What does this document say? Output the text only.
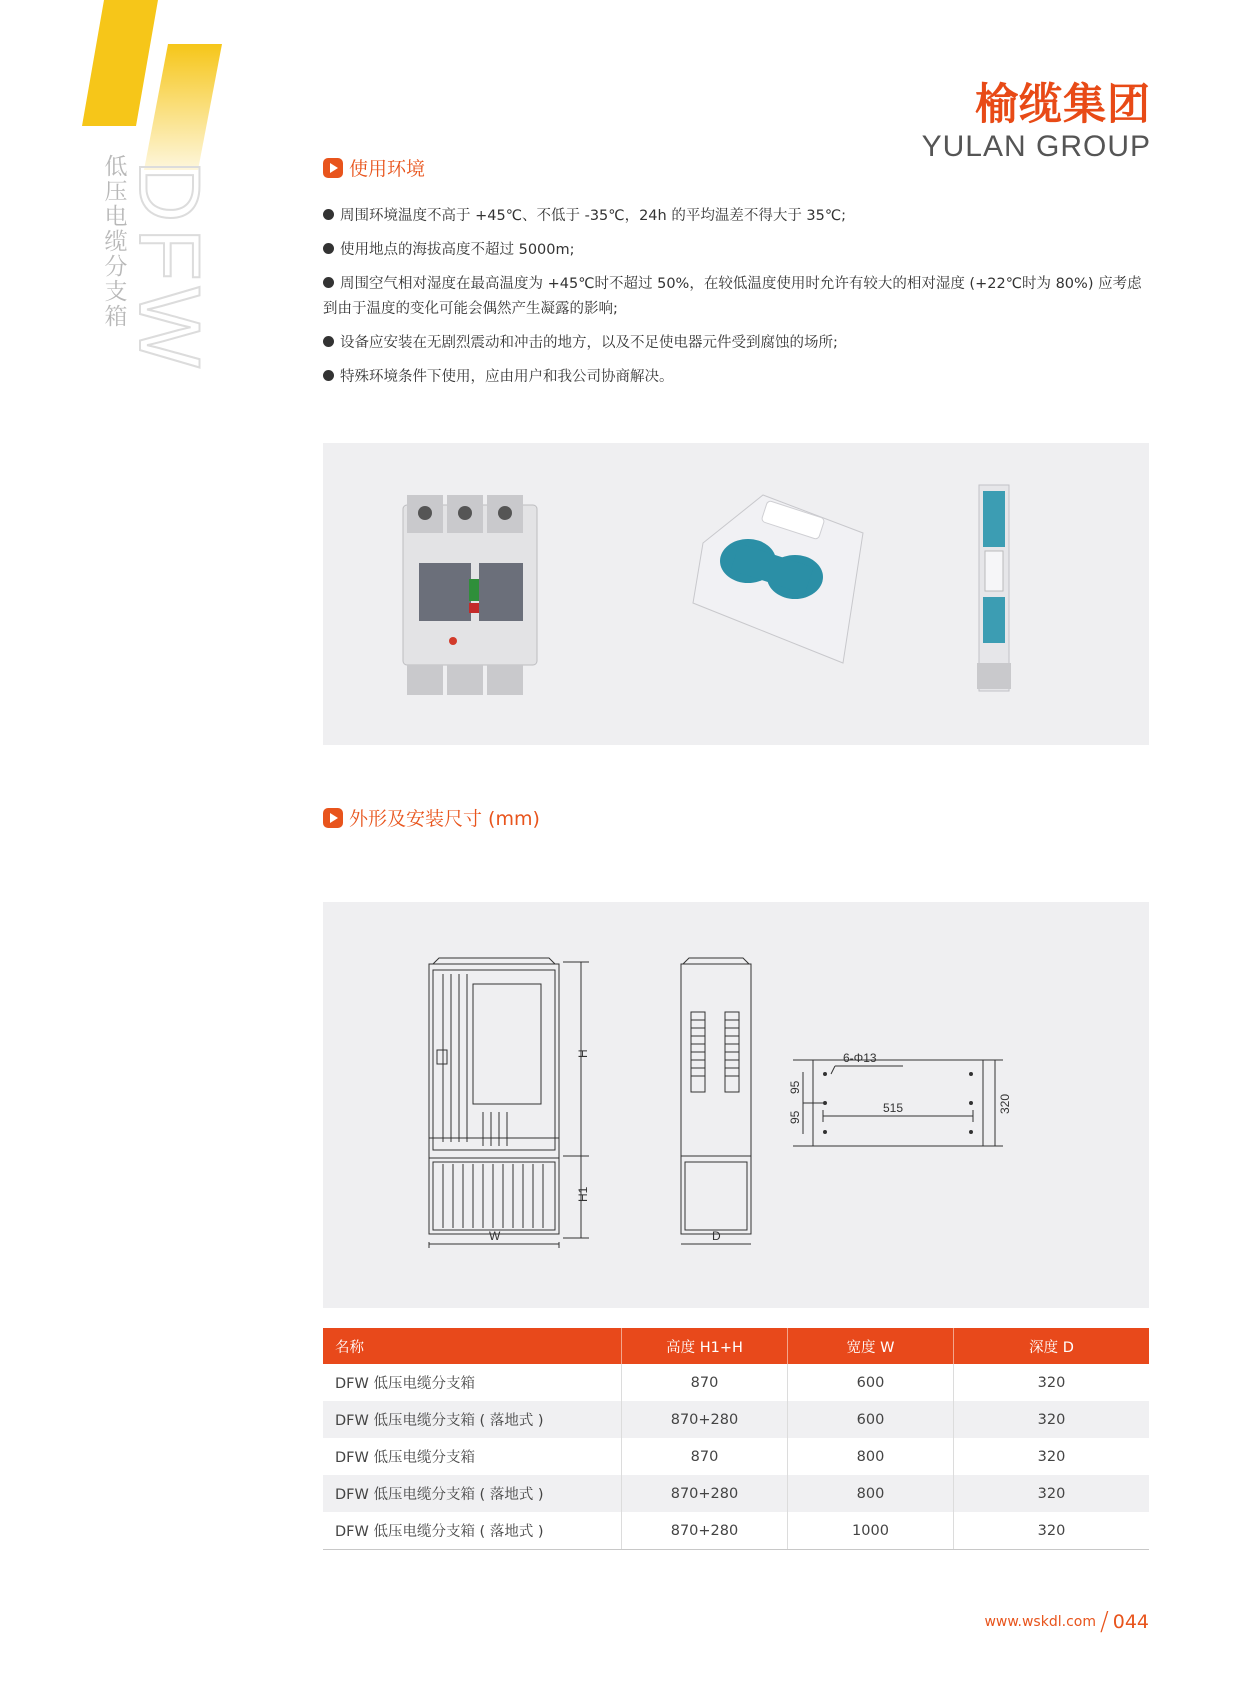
低
压
电
缆
分
支
箱
DFW
榆缆集团
YULAN GROUP
使用环境
周围环境温度不高于 +45℃、不低于 -35℃，24h 的平均温差不得大于 35℃;
使用地点的海拔高度不超过 5000m;
周围空气相对湿度在最高温度为 +45℃时不超过 50%，在较低温度使用时允许有较大的相对湿度 (+22℃时为 80%) 应考虑到由于温度的变化可能会偶然产生凝露的影响;
设备应安装在无剧烈震动和冲击的地方，以及不足使电器元件受到腐蚀的场所;
特殊环境条件下使用，应由用户和我公司协商解决。
外形及安装尺寸 (mm)
H
H1
W	D
6-Φ13
515	320
95
95
名称	高度 H1+H	宽度 W	深度 D
DFW 低压电缆分支箱	870	600	320
DFW 低压电缆分支箱 ( 落地式 )	870+280	600	320
DFW 低压电缆分支箱	870	800	320
DFW 低压电缆分支箱 ( 落地式 )	870+280	800	320
DFW 低压电缆分支箱 ( 落地式 )	870+280	1000	320
www.wskdl.com / 044
